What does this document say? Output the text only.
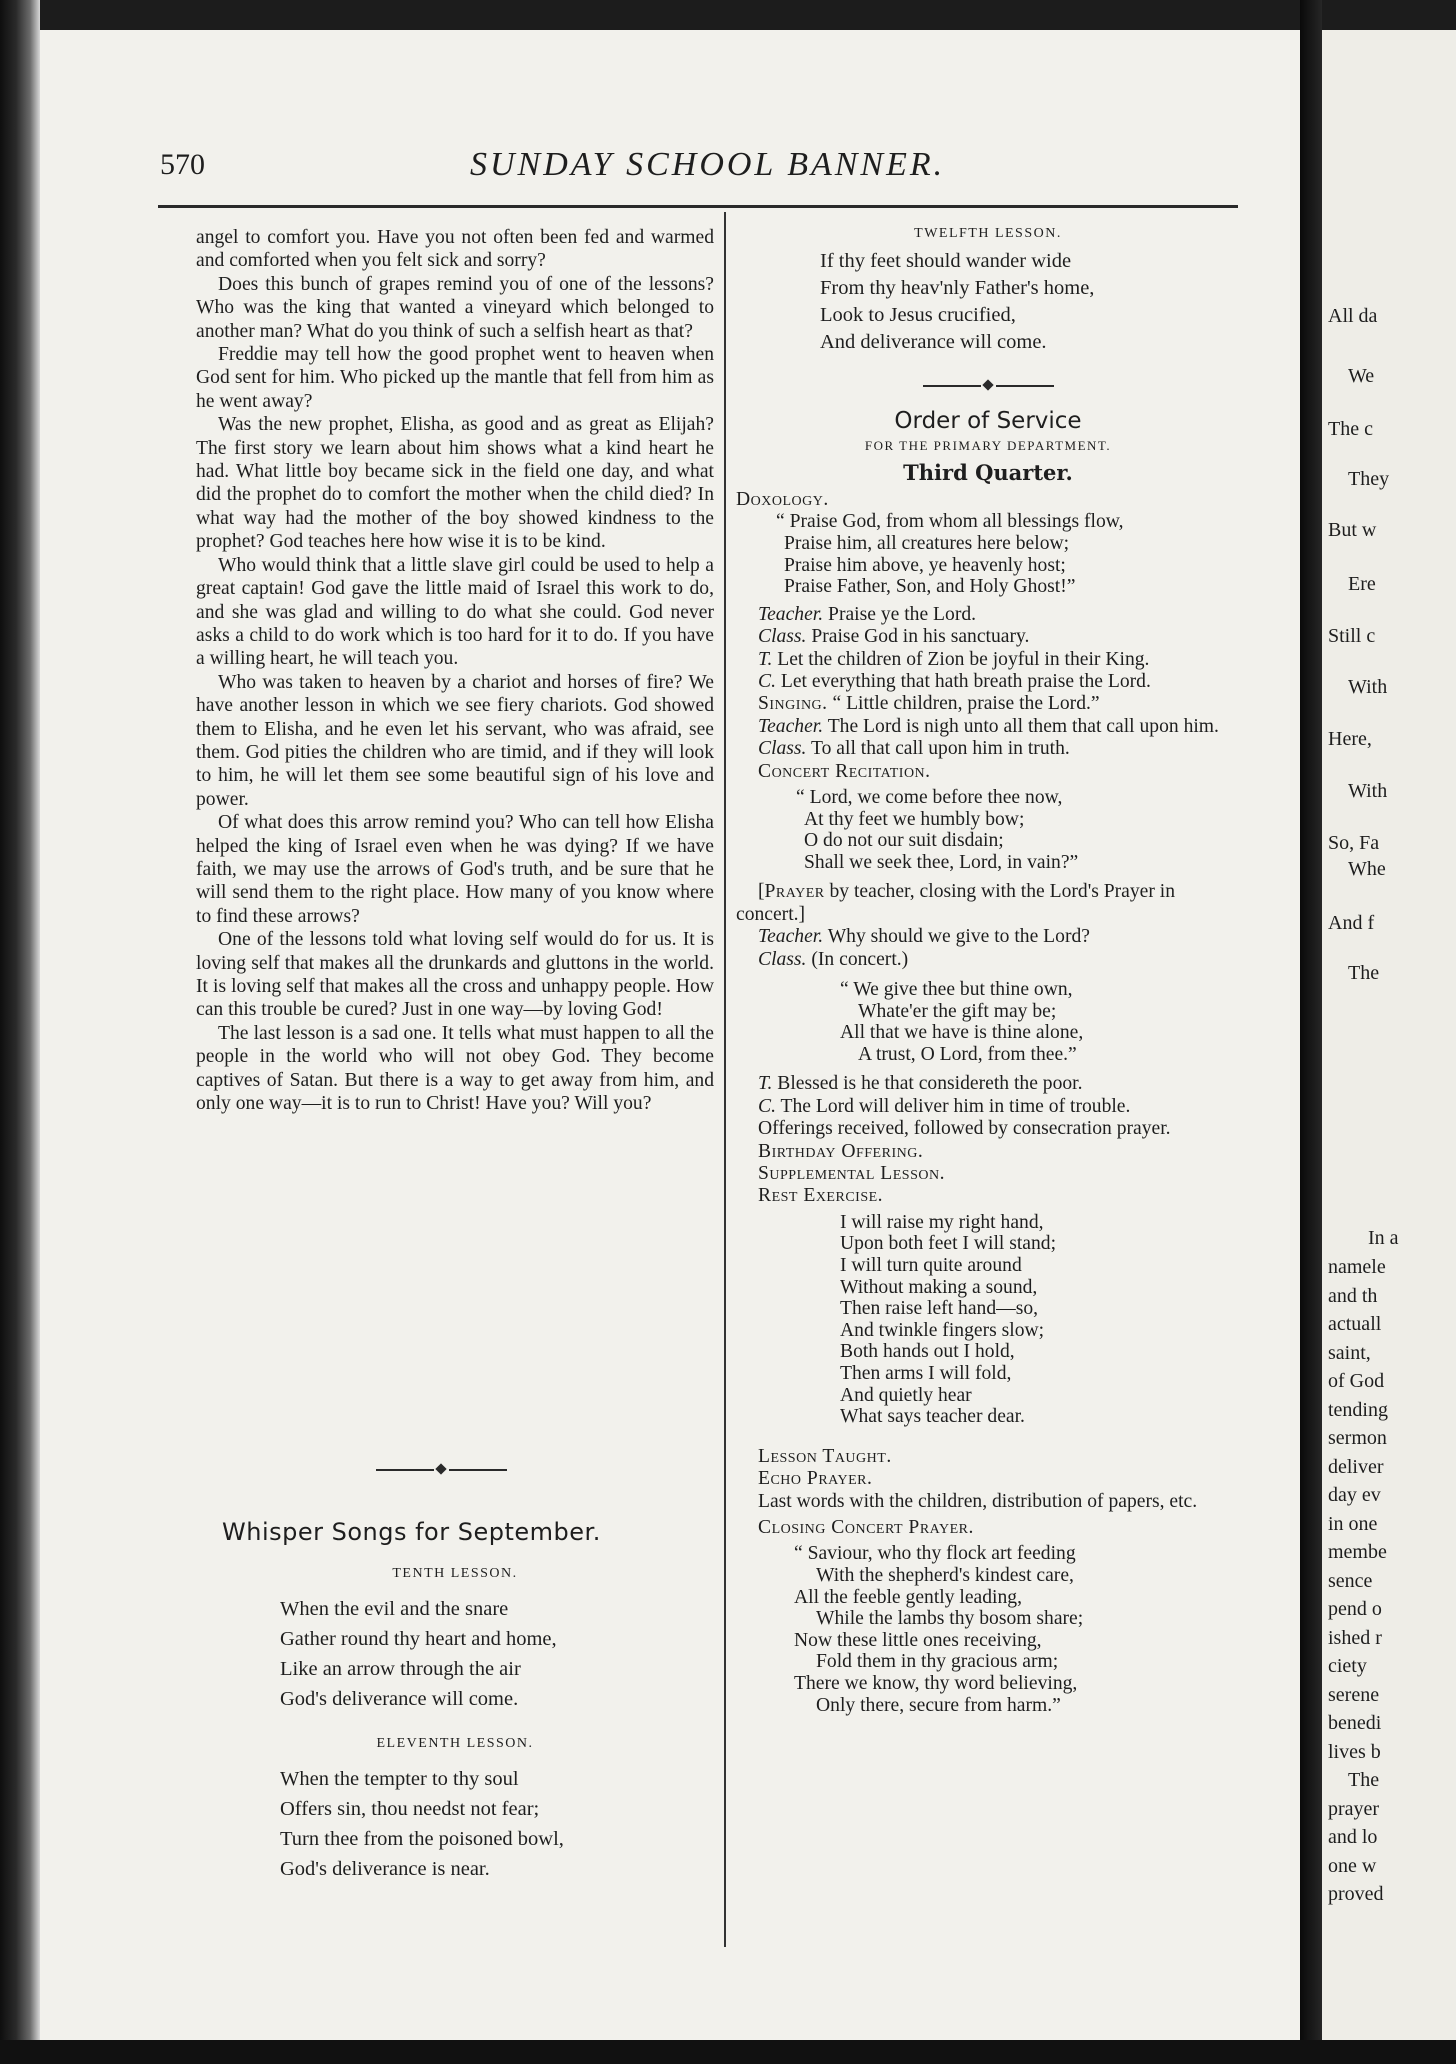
All da
We
The c
They
But w
Ere
Still c
With
Here,
With
So, Fa
Whe
And f
The
In a
namele
and th
actuall
saint,
of God
tending
sermon
deliver
day ev
in one
membe
sence
pend o
ished r
ciety
serene
benedi
lives b
The
prayer
and lo
one w
proved
570	SUNDAY SCHOOL BANNER.

angel to comfort you. Have you not often been fed and warmed and comforted when you felt sick and sorry?

Does this bunch of grapes remind you of one of the lessons? Who was the king that wanted a vineyard which belonged to another man? What do you think of such a selfish heart as that?

Freddie may tell how the good prophet went to heaven when God sent for him. Who picked up the mantle that fell from him as he went away?

Was the new prophet, Elisha, as good and as great as Elijah? The first story we learn about him shows what a kind heart he had. What little boy became sick in the field one day, and what did the prophet do to comfort the mother when the child died? In what way had the mother of the boy showed kindness to the prophet? God teaches here how wise it is to be kind.

Who would think that a little slave girl could be used to help a great captain! God gave the little maid of Israel this work to do, and she was glad and willing to do what she could. God never asks a child to do work which is too hard for it to do. If you have a willing heart, he will teach you.

Who was taken to heaven by a chariot and horses of fire? We have another lesson in which we see fiery chariots. God showed them to Elisha, and he even let his servant, who was afraid, see them. God pities the children who are timid, and if they will look to him, he will let them see some beautiful sign of his love and power.

Of what does this arrow remind you? Who can tell how Elisha helped the king of Israel even when he was dying? If we have faith, we may use the arrows of God's truth, and be sure that he will send them to the right place. How many of you know where to find these arrows?

One of the lessons told what loving self would do for us. It is loving self that makes all the drunkards and gluttons in the world. It is loving self that makes all the cross and unhappy people. How can this trouble be cured? Just in one way—by loving God!

The last lesson is a sad one. It tells what must happen to all the people in the world who will not obey God. They become captives of Satan. But there is a way to get away from him, and only one way—it is to run to Christ! Have you? Will you?

Whisper Songs for September.

TENTH LESSON.

When the evil and the snare

Gather round thy heart and home,

Like an arrow through the air

God's deliverance will come.

ELEVENTH LESSON.

When the tempter to thy soul

Offers sin, thou needst not fear;

Turn thee from the poisoned bowl,

God's deliverance is near.

TWELFTH LESSON.

If thy feet should wander wide

From thy heav'nly Father's home,

Look to Jesus crucified,

And deliverance will come.

Order of Service

FOR THE PRIMARY DEPARTMENT.

Third Quarter.

Doxology.

“ Praise God, from whom all blessings flow,

Praise him, all creatures here below;

Praise him above, ye heavenly host;

Praise Father, Son, and Holy Ghost!”

Teacher. Praise ye the Lord.

Class. Praise God in his sanctuary.

T. Let the children of Zion be joyful in their King.

C. Let everything that hath breath praise the Lord.

Singing. “ Little children, praise the Lord.”

Teacher. The Lord is nigh unto all them that call upon him.

Class. To all that call upon him in truth.

Concert Recitation.

“ Lord, we come before thee now,

At thy feet we humbly bow;

O do not our suit disdain;

Shall we seek thee, Lord, in vain?”

[Prayer by teacher, closing with the Lord's Prayer in concert.]

Teacher. Why should we give to the Lord?

Class. (In concert.)

“ We give thee but thine own,

Whate'er the gift may be;

All that we have is thine alone,

A trust, O Lord, from thee.”

T. Blessed is he that considereth the poor.

C. The Lord will deliver him in time of trouble.

Offerings received, followed by consecration prayer.

Birthday Offering.

Supplemental Lesson.

Rest Exercise.

I will raise my right hand,

Upon both feet I will stand;

I will turn quite around

Without making a sound,

Then raise left hand—so,

And twinkle fingers slow;

Both hands out I hold,

Then arms I will fold,

And quietly hear

What says teacher dear.

Lesson Taught.

Echo Prayer.

Last words with the children, distribution of papers, etc.

Closing Concert Prayer.

“ Saviour, who thy flock art feeding

With the shepherd's kindest care,

All the feeble gently leading,

While the lambs thy bosom share;

Now these little ones receiving,

Fold them in thy gracious arm;

There we know, thy word believing,

Only there, secure from harm.”
